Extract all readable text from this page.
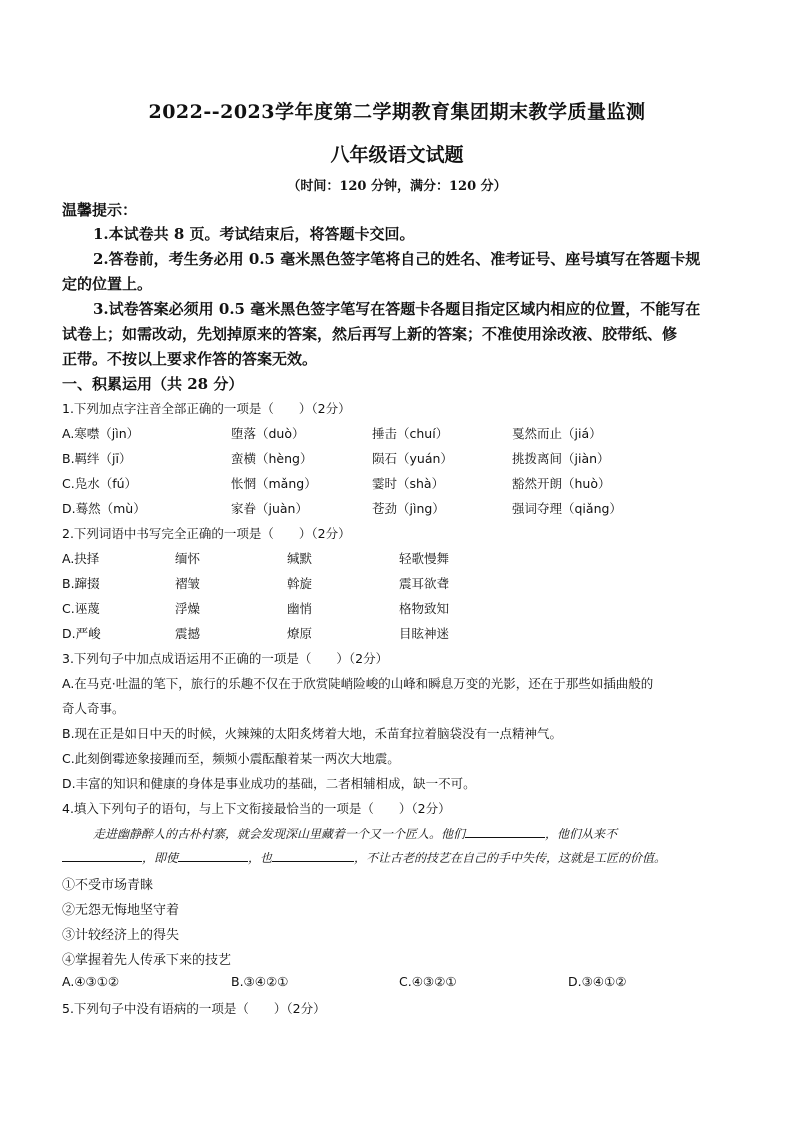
2022--2023学年度第二学期教育集团期末教学质量监测
八年级语文试题
（时间：120 分钟，满分：120 分）
温馨提示：
1.本试卷共 8 页。考试结束后，将答题卡交回。
2.答卷前，考生务必用 0.5 毫米黑色签字笔将自己的姓名、准考证号、座号填写在答题卡规
定的位置上。
3.试卷答案必须用 0.5 毫米黑色签字笔写在答题卡各题目指定区域内相应的位置，不能写在
试卷上；如需改动，先划掉原来的答案，然后再写上新的答案；不准使用涂改液、胶带纸、修
正带。不按以上要求作答的答案无效。
一、积累运用（共 28 分）
1.下列加点字注音全部正确的一项是（　　）（2分）
A.寒噤（jìn）	堕落（duò）	捶击（chuí）	戛然而止（jiá）
B.羁绊（jī）	蛮横（hèng）	陨石（yuán）	挑拨离间（jiàn）
C.凫水（fú）	怅惘（mǎng）	霎时（shà）	豁然开朗（huò）
D.蓦然（mù）	家眷（juàn）	苍劲（jìng）	强词夺理（qiǎng）
2.下列词语中书写完全正确的一项是（　　）（2分）
A.抉择	缅怀	缄默	轻歌慢舞
B.蹿掇	褶皱	斡旋	震耳欲聋
C.诬蔑	浮燥	幽悄	格物致知
D.严峻	震撼	燎原	目眩神迷
3.下列句子中加点成语运用不正确的一项是（　　）（2分）
A.在马克·吐温的笔下，旅行的乐趣不仅在于欣赏陡峭险峻的山峰和瞬息万变的光影，还在于那些如插曲般的
奇人奇事。
B.现在正是如日中天的时候，火辣辣的太阳炙烤着大地，禾苗耷拉着脑袋没有一点精神气。
C.此刻倒霉迹象接踵而至，频频小震酝酿着某一两次大地震。
D.丰富的知识和健康的身体是事业成功的基础，二者相辅相成，缺一不可。
4.填入下列句子的语句，与上下文衔接最恰当的一项是（　　）（2分）
走进幽静醉人的古朴村寨，就会发现深山里藏着一个又一个匠人。他们	，他们从来不
，即使	，也	，不让古老的技艺在自己的手中失传，这就是工匠的价值。
①不受市场青睐
②无怨无悔地坚守着
③计较经济上的得失
④掌握着先人传承下来的技艺
A.④③①②	B.③④②①	C.④③②①	D.③④①②
5.下列句子中没有语病的一项是（　　）（2分）
